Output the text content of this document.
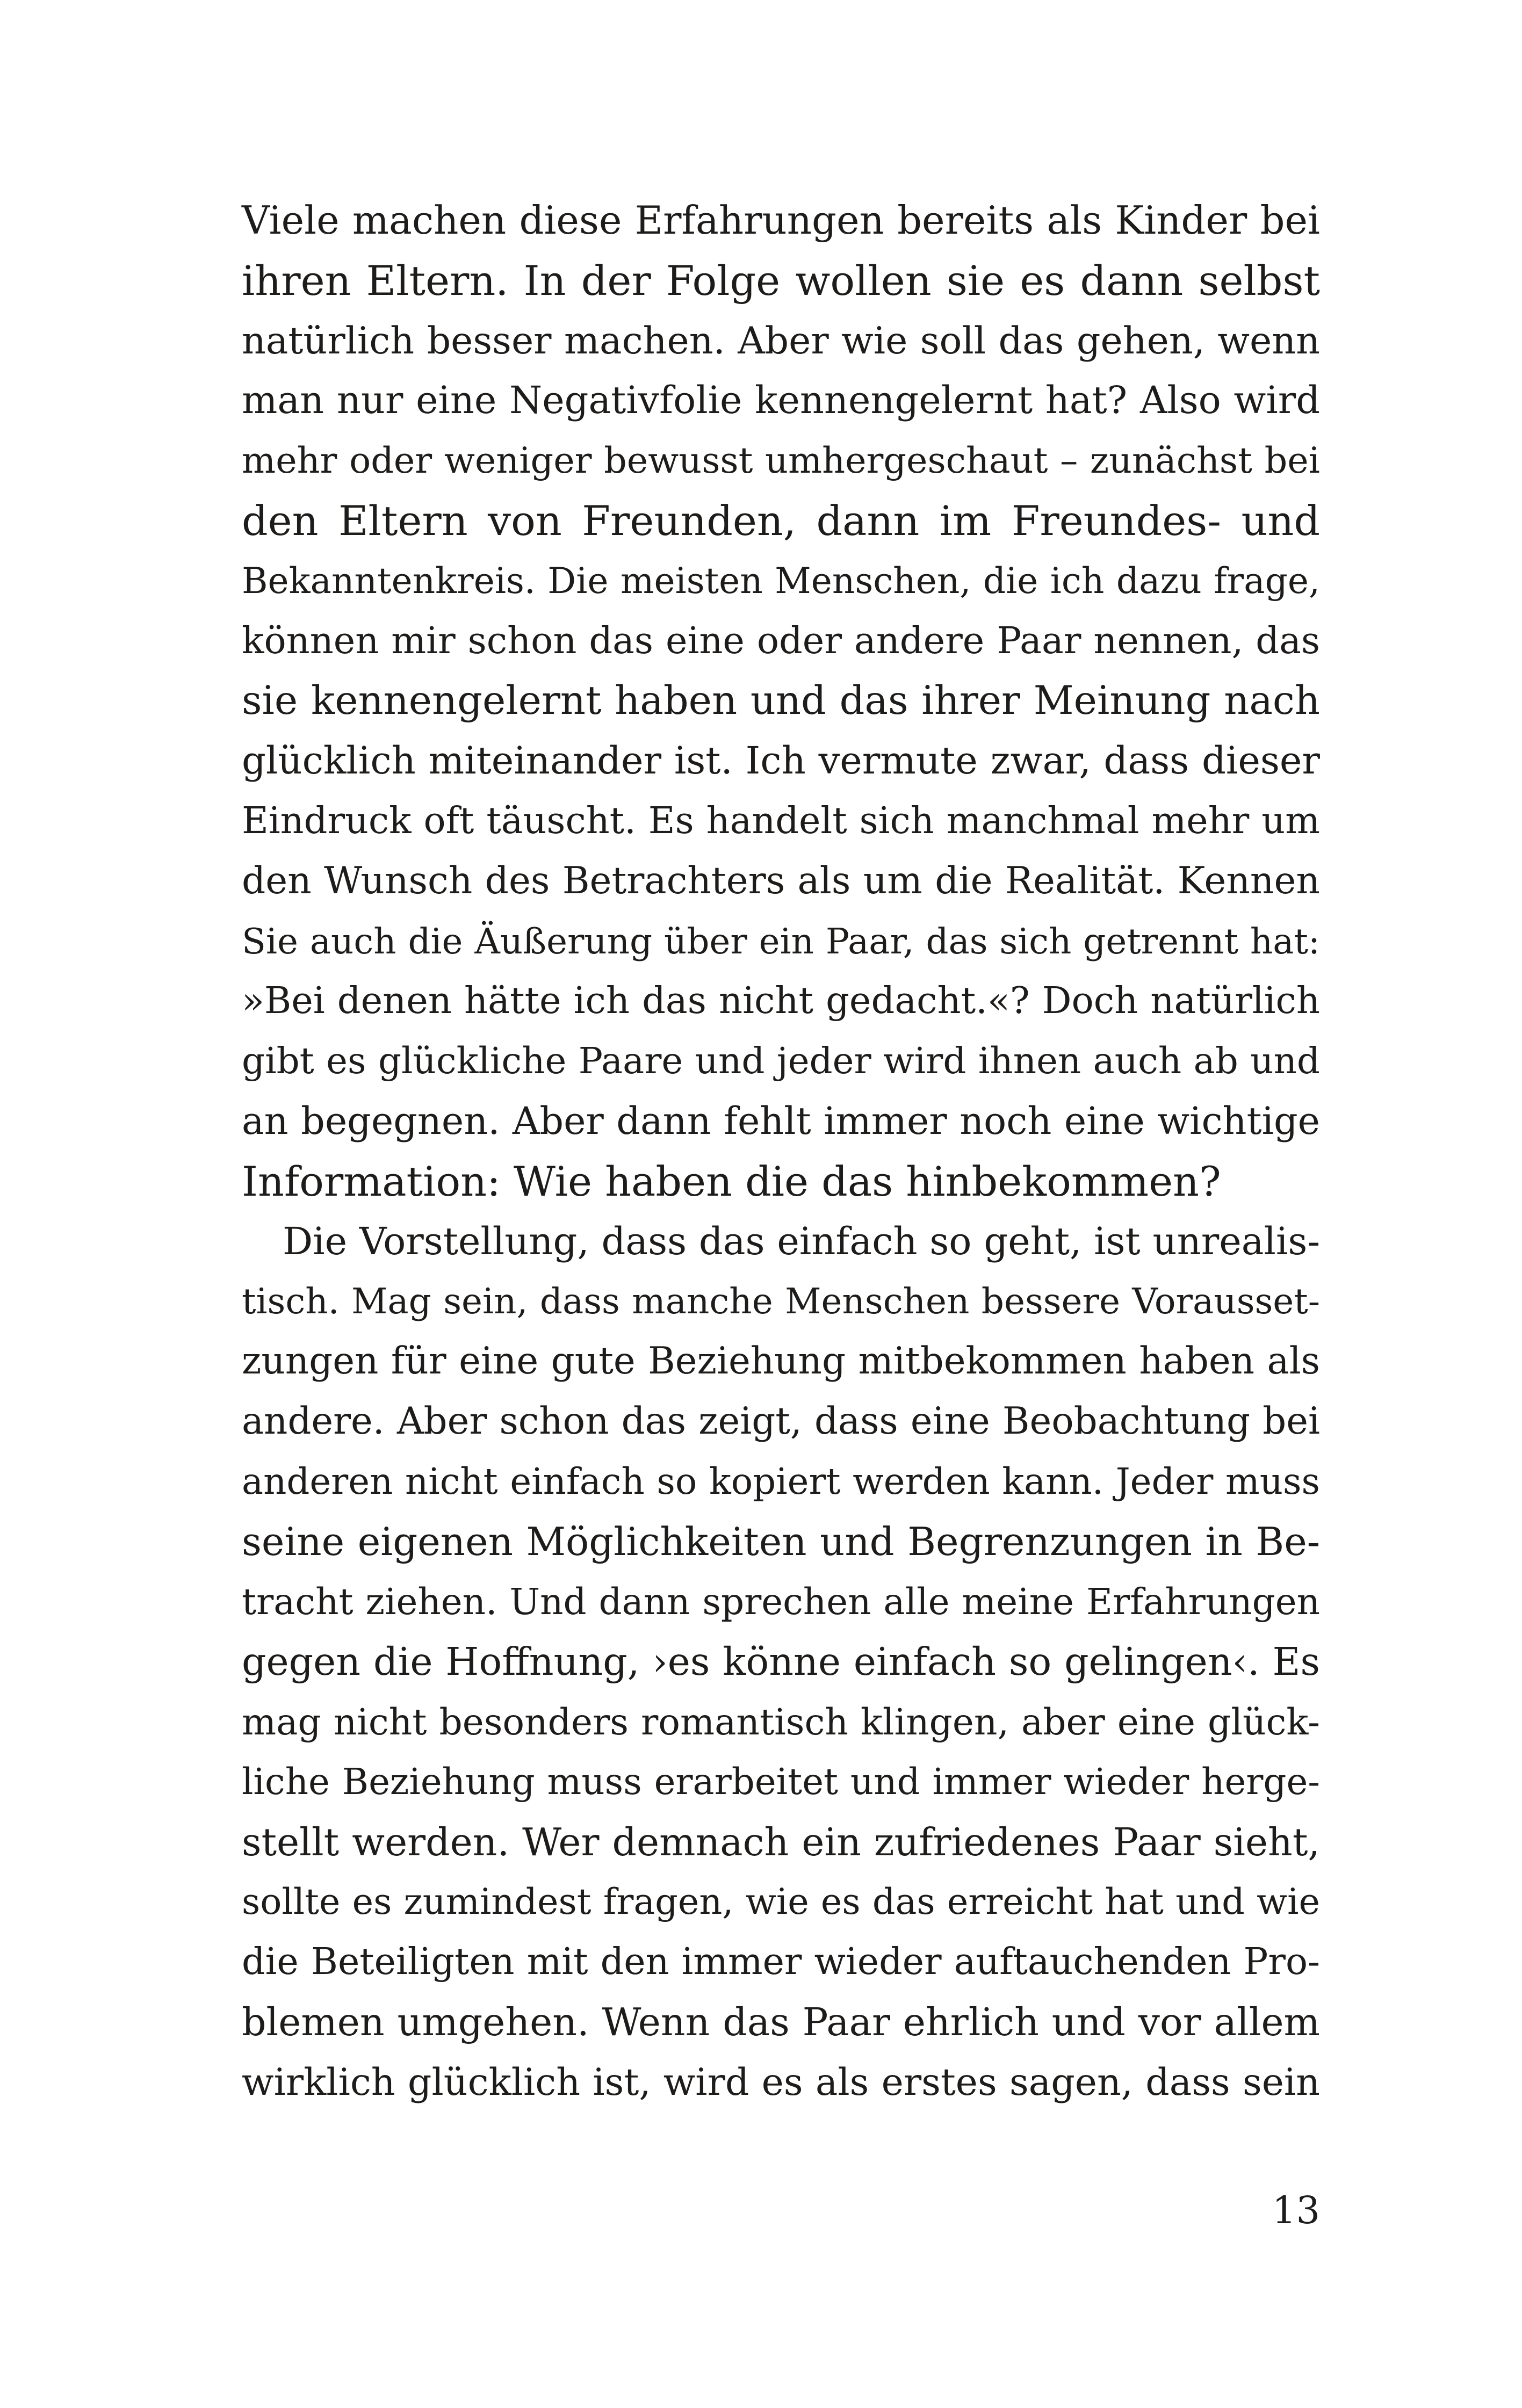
Viele machen diese Erfahrungen bereits als Kinder bei
ihren Eltern. In der Folge wollen sie es dann selbst
natürlich besser machen. Aber wie soll das gehen, wenn
man nur eine Negativfolie kennengelernt hat? Also wird
mehr oder weniger bewusst umhergeschaut – zunächst bei
den Eltern von Freunden, dann im Freundes- und
Bekanntenkreis. Die meisten Menschen, die ich dazu frage,
können mir schon das eine oder andere Paar nennen, das
sie kennengelernt haben und das ihrer Meinung nach
glücklich miteinander ist. Ich vermute zwar, dass dieser
Eindruck oft täuscht. Es handelt sich manchmal mehr um
den Wunsch des Betrachters als um die Realität. Kennen
Sie auch die Äußerung über ein Paar, das sich getrennt hat:
»Bei denen hätte ich das nicht gedacht.«? Doch natürlich
gibt es glückliche Paare und jeder wird ihnen auch ab und
an begegnen. Aber dann fehlt immer noch eine wichtige
Information: Wie haben die das hinbekommen?
Die Vorstellung, dass das einfach so geht, ist unrealis-
tisch. Mag sein, dass manche Menschen bessere Vorausset-
zungen für eine gute Beziehung mitbekommen haben als
andere. Aber schon das zeigt, dass eine Beobachtung bei
anderen nicht einfach so kopiert werden kann. Jeder muss
seine eigenen Möglichkeiten und Begrenzungen in Be-
tracht ziehen. Und dann sprechen alle meine Erfahrungen
gegen die Hoffnung, ›es könne einfach so gelingen‹. Es
mag nicht besonders romantisch klingen, aber eine glück-
liche Beziehung muss erarbeitet und immer wieder herge-
stellt werden. Wer demnach ein zufriedenes Paar sieht,
sollte es zumindest fragen, wie es das erreicht hat und wie
die Beteiligten mit den immer wieder auftauchenden Pro-
blemen umgehen. Wenn das Paar ehrlich und vor allem
wirklich glücklich ist, wird es als erstes sagen, dass sein
13
